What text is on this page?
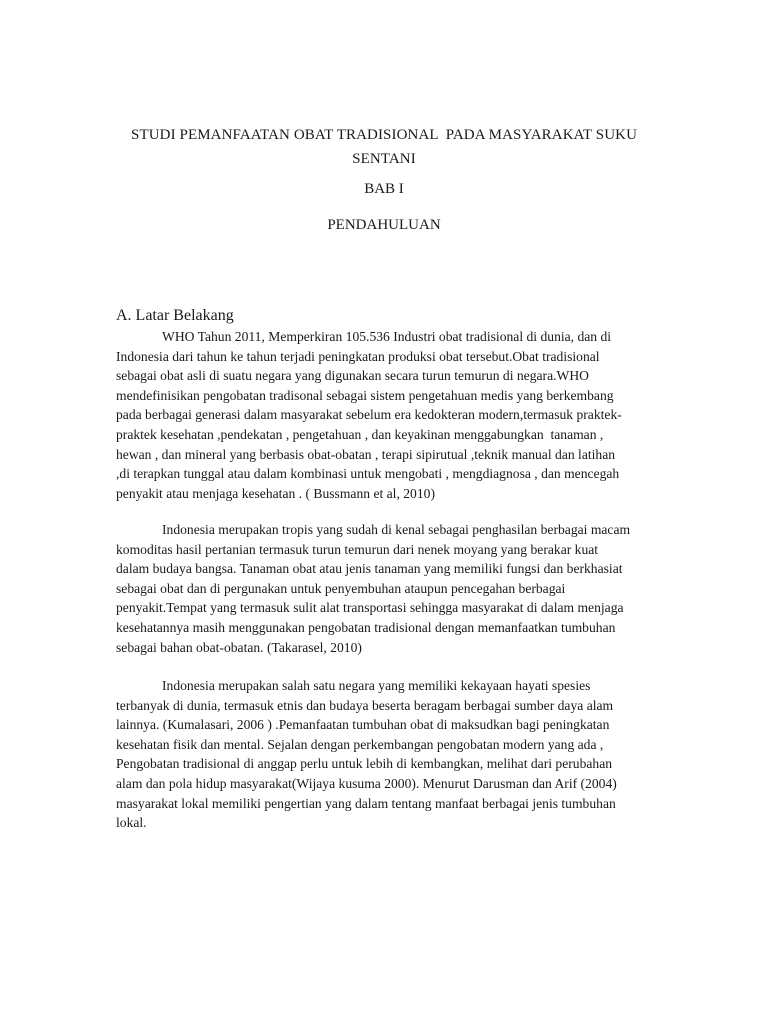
STUDI PEMANFAATAN OBAT TRADISIONAL  PADA MASYARAKAT SUKU
SENTANI
BAB I
PENDAHULUAN
A. Latar Belakang
WHO Tahun 2011, Memperkiran 105.536 Industri obat tradisional di dunia, dan di
Indonesia dari tahun ke tahun terjadi peningkatan produksi obat tersebut.Obat tradisional
sebagai obat asli di suatu negara yang digunakan secara turun temurun di negara.WHO
mendefinisikan pengobatan tradisonal sebagai sistem pengetahuan medis yang berkembang
pada berbagai generasi dalam masyarakat sebelum era kedokteran modern,termasuk praktek-
praktek kesehatan ,pendekatan , pengetahuan , dan keyakinan menggabungkan  tanaman ,
hewan , dan mineral yang berbasis obat-obatan , terapi sipirutual ,teknik manual dan latihan
,di terapkan tunggal atau dalam kombinasi untuk mengobati , mengdiagnosa , dan mencegah
penyakit atau menjaga kesehatan . ( Bussmann et al, 2010)
Indonesia merupakan tropis yang sudah di kenal sebagai penghasilan berbagai macam
komoditas hasil pertanian termasuk turun temurun dari nenek moyang yang berakar kuat
dalam budaya bangsa. Tanaman obat atau jenis tanaman yang memiliki fungsi dan berkhasiat
sebagai obat dan di pergunakan untuk penyembuhan ataupun pencegahan berbagai
penyakit.Tempat yang termasuk sulit alat transportasi sehingga masyarakat di dalam menjaga
kesehatannya masih menggunakan pengobatan tradisional dengan memanfaatkan tumbuhan
sebagai bahan obat-obatan. (Takarasel, 2010)
Indonesia merupakan salah satu negara yang memiliki kekayaan hayati spesies
terbanyak di dunia, termasuk etnis dan budaya beserta beragam berbagai sumber daya alam
lainnya. (Kumalasari, 2006 ) .Pemanfaatan tumbuhan obat di maksudkan bagi peningkatan
kesehatan fisik dan mental. Sejalan dengan perkembangan pengobatan modern yang ada ,
Pengobatan tradisional di anggap perlu untuk lebih di kembangkan, melihat dari perubahan
alam dan pola hidup masyarakat(Wijaya kusuma 2000). Menurut Darusman dan Arif (2004)
masyarakat lokal memiliki pengertian yang dalam tentang manfaat berbagai jenis tumbuhan
lokal.
